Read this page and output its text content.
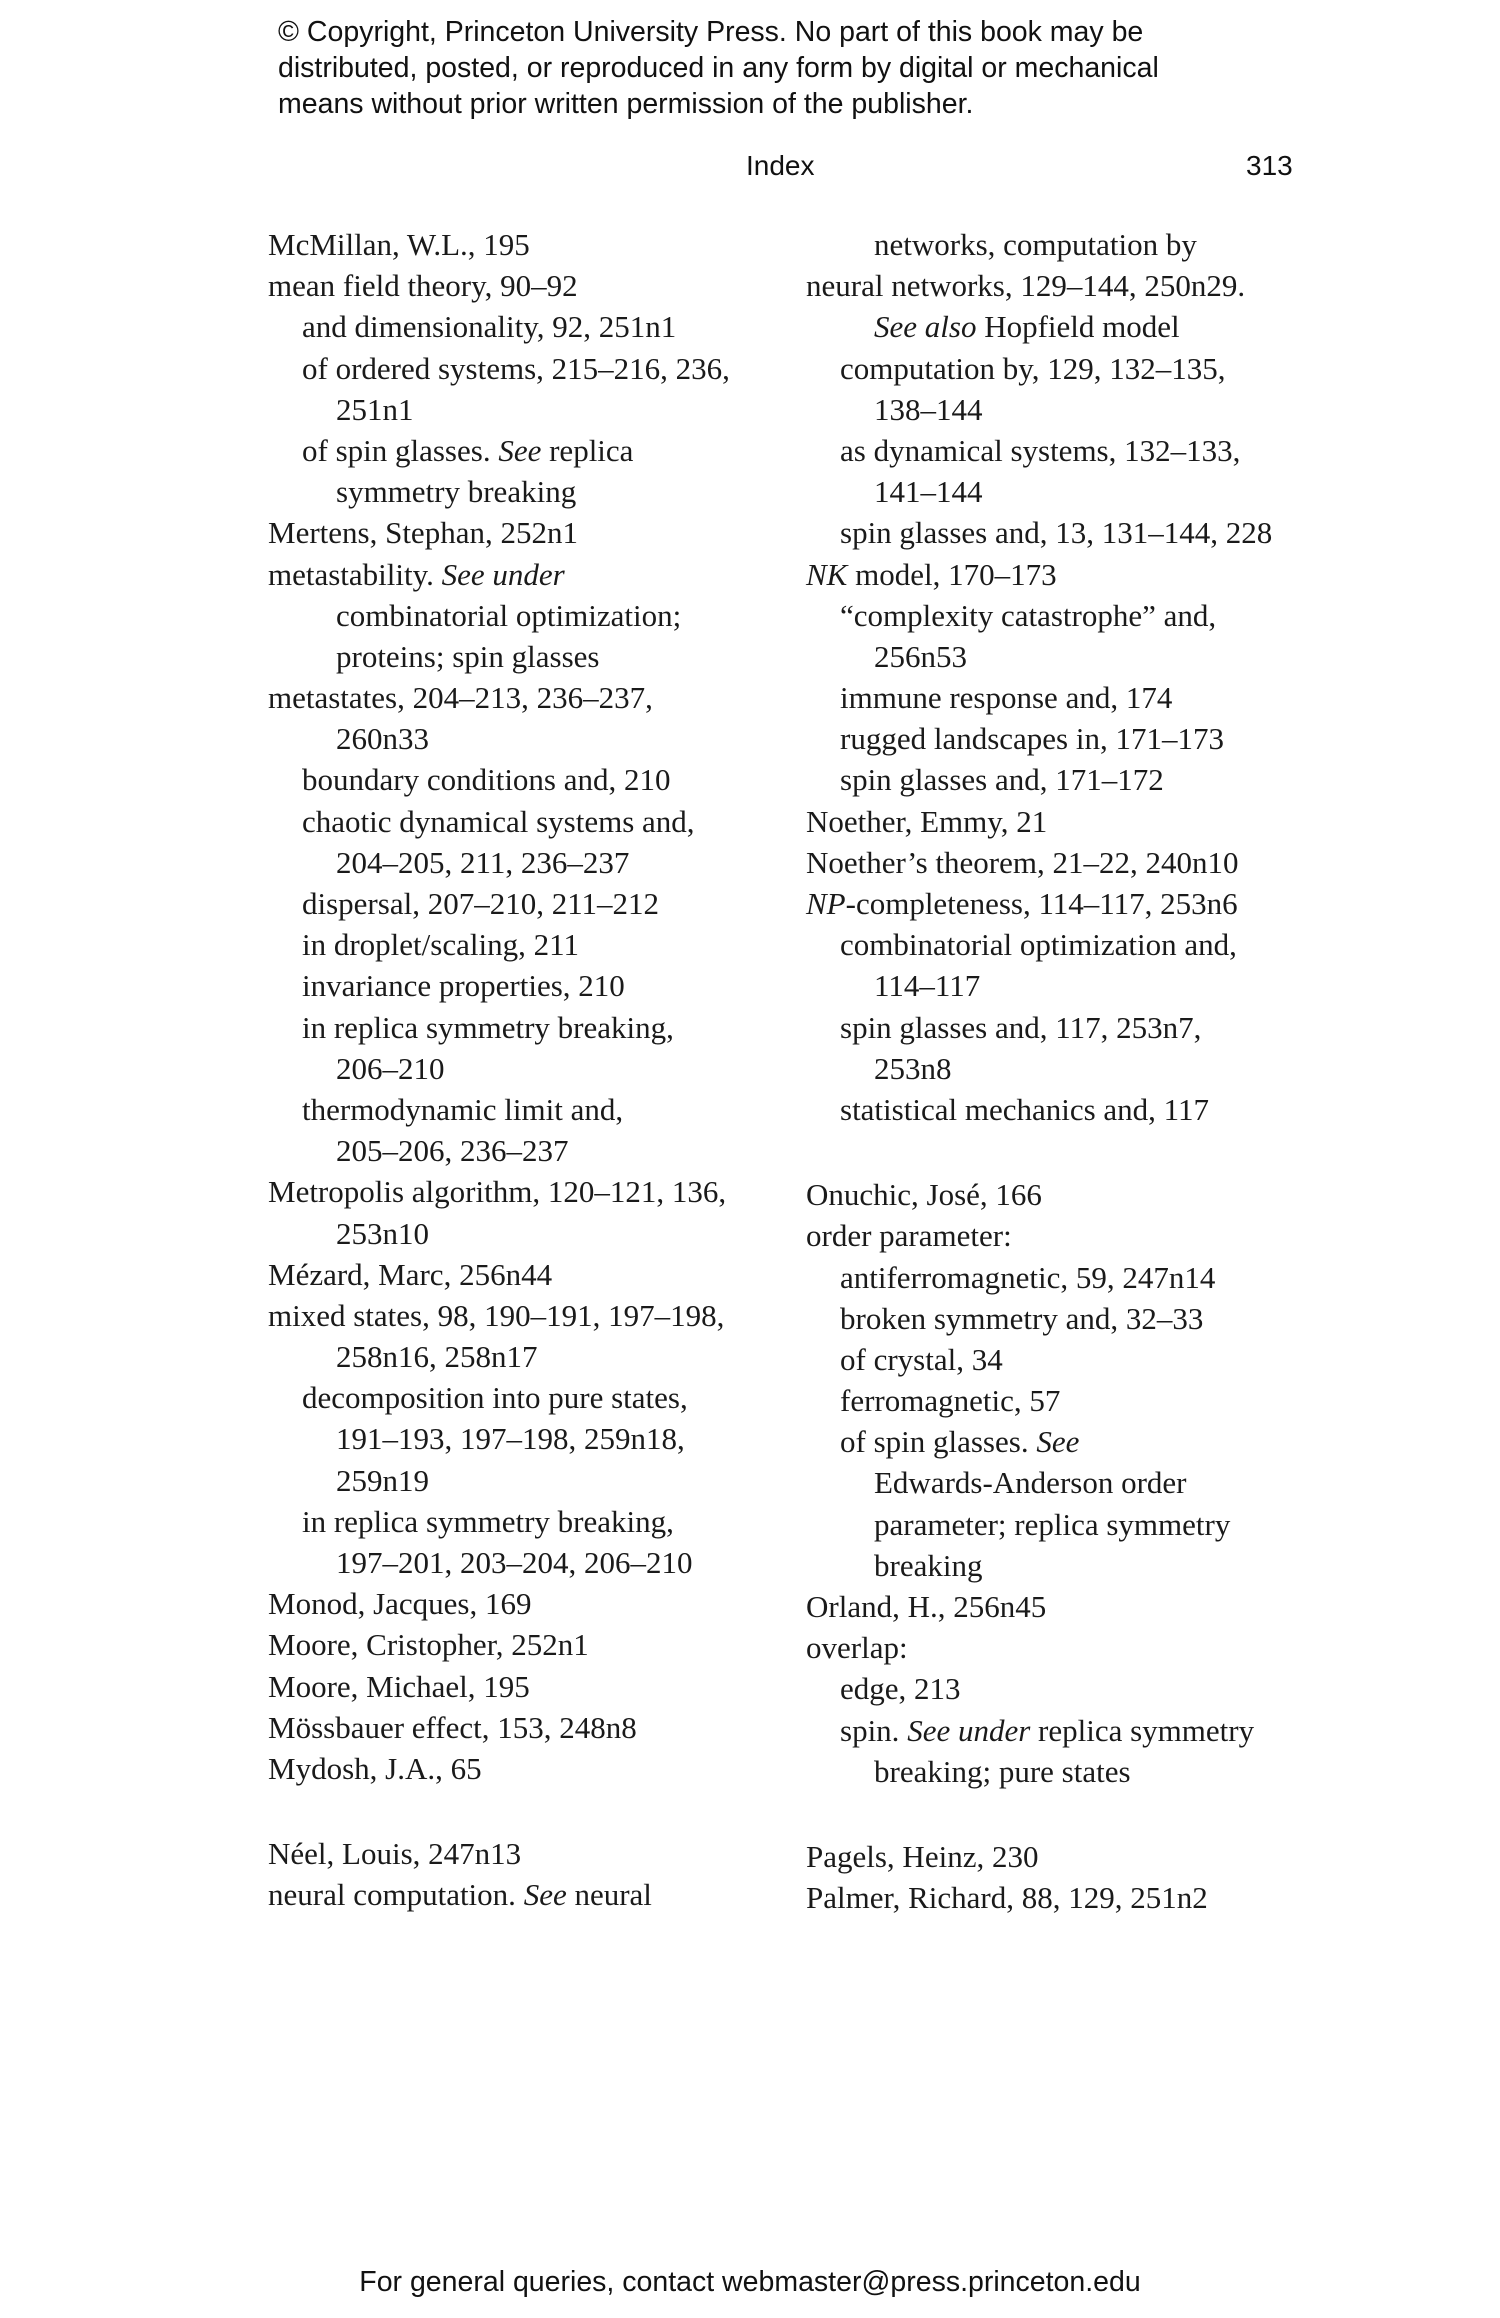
© Copyright, Princeton University Press. No part of this book may be
distributed, posted, or reproduced in any form by digital or mechanical
means without prior written permission of the publisher.
Index	313
McMillan, W.L., 195
mean field theory, 90–92
and dimensionality, 92, 251n1
of ordered systems, 215–216, 236,
251n1
of spin glasses. See replica
symmetry breaking
Mertens, Stephan, 252n1
metastability. See under
combinatorial optimization;
proteins; spin glasses
metastates, 204–213, 236–237,
260n33
boundary conditions and, 210
chaotic dynamical systems and,
204–205, 211, 236–237
dispersal, 207–210, 211–212
in droplet/scaling, 211
invariance properties, 210
in replica symmetry breaking,
206–210
thermodynamic limit and,
205–206, 236–237
Metropolis algorithm, 120–121, 136,
253n10
Mézard, Marc, 256n44
mixed states, 98, 190–191, 197–198,
258n16, 258n17
decomposition into pure states,
191–193, 197–198, 259n18,
259n19
in replica symmetry breaking,
197–201, 203–204, 206–210
Monod, Jacques, 169
Moore, Cristopher, 252n1
Moore, Michael, 195
Mössbauer effect, 153, 248n8
Mydosh, J.A., 65
Néel, Louis, 247n13
neural computation. See neural
networks, computation by
neural networks, 129–144, 250n29.
See also Hopfield model
computation by, 129, 132–135,
138–144
as dynamical systems, 132–133,
141–144
spin glasses and, 13, 131–144, 228
NK model, 170–173
“complexity catastrophe” and,
256n53
immune response and, 174
rugged landscapes in, 171–173
spin glasses and, 171–172
Noether, Emmy, 21
Noether’s theorem, 21–22, 240n10
NP-completeness, 114–117, 253n6
combinatorial optimization and,
114–117
spin glasses and, 117, 253n7,
253n8
statistical mechanics and, 117
Onuchic, José, 166
order parameter:
antiferromagnetic, 59, 247n14
broken symmetry and, 32–33
of crystal, 34
ferromagnetic, 57
of spin glasses. See
Edwards-Anderson order
parameter; replica symmetry
breaking
Orland, H., 256n45
overlap:
edge, 213
spin. See under replica symmetry
breaking; pure states
Pagels, Heinz, 230
Palmer, Richard, 88, 129, 251n2
For general queries, contact webmaster@press.princeton.edu
